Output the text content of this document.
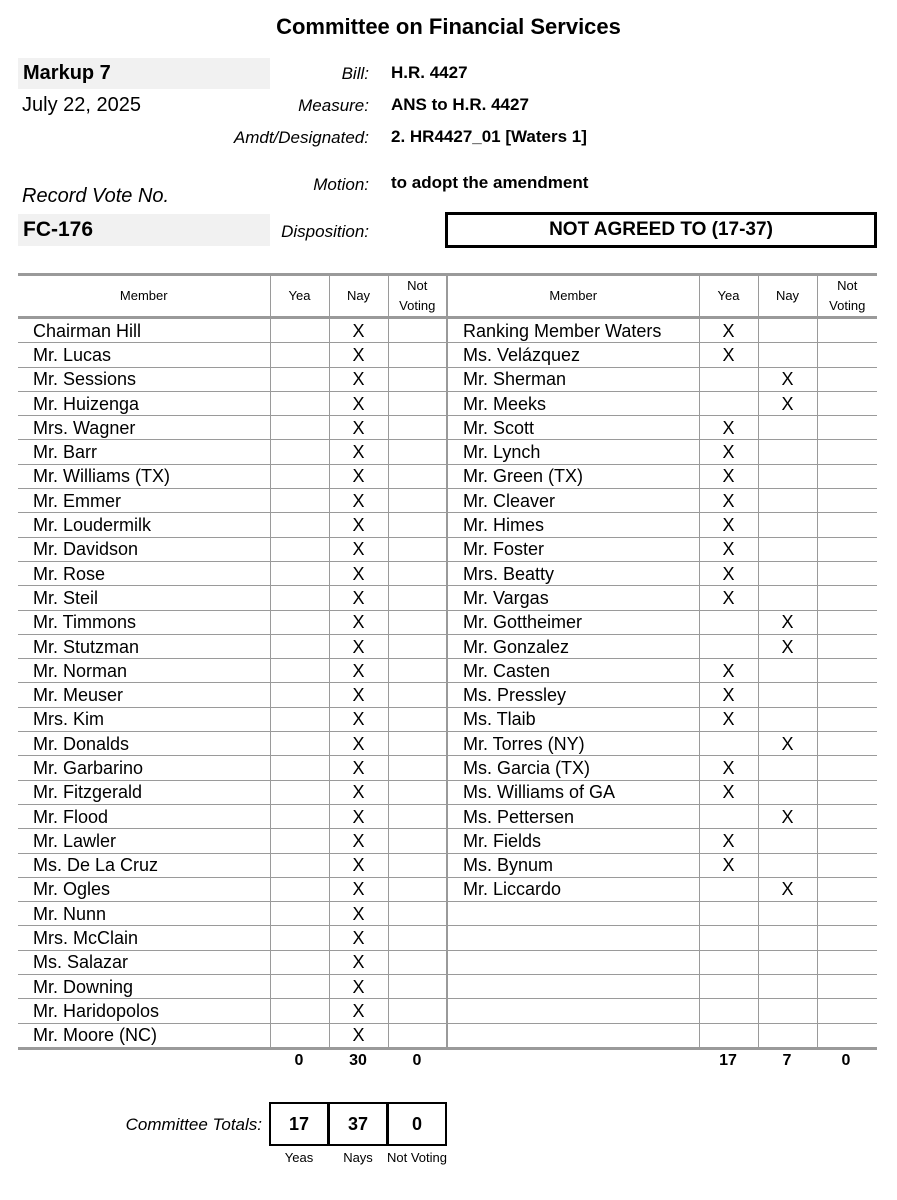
Committee on Financial Services
Markup 7
July 22, 2025
Record Vote No.
FC-176
Bill: H.R. 4427
Measure: ANS to H.R. 4427
Amdt/Designated: 2. HR4427_01 [Waters 1]
Motion: to adopt the amendment
Disposition:	NOT AGREED TO (17-37)
Member	Yea	Nay	Not Voting	Member	Yea	Nay	Not Voting
Chairman Hill		X		Ranking Member Waters	X		
Mr. Lucas		X		Ms. Velázquez	X		
Mr. Sessions		X		Mr. Sherman		X	
Mr. Huizenga		X		Mr. Meeks		X	
Mrs. Wagner		X		Mr. Scott	X		
Mr. Barr		X		Mr. Lynch	X		
Mr. Williams (TX)		X		Mr. Green (TX)	X		
Mr. Emmer		X		Mr. Cleaver	X		
Mr. Loudermilk		X		Mr. Himes	X		
Mr. Davidson		X		Mr. Foster	X		
Mr. Rose		X		Mrs. Beatty	X		
Mr. Steil		X		Mr. Vargas	X		
Mr. Timmons		X		Mr. Gottheimer		X	
Mr. Stutzman		X		Mr. Gonzalez		X	
Mr. Norman		X		Mr. Casten	X		
Mr. Meuser		X		Ms. Pressley	X		
Mrs. Kim		X		Ms. Tlaib	X		
Mr. Donalds		X		Mr. Torres (NY)		X	
Mr. Garbarino		X		Ms. Garcia (TX)	X		
Mr. Fitzgerald		X		Ms. Williams of GA	X		
Mr. Flood		X		Ms. Pettersen		X	
Mr. Lawler		X		Mr. Fields	X		
Ms. De La Cruz		X		Ms. Bynum	X		
Mr. Ogles		X		Mr. Liccardo		X	
Mr. Nunn		X					
Mrs. McClain		X					
Ms. Salazar		X					
Mr. Downing		X					
Mr. Haridopolos		X					
Mr. Moore (NC)		X					
0	30	0	17	7	0
Committee Totals:	17	37	0
Yeas	Nays	Not Voting
